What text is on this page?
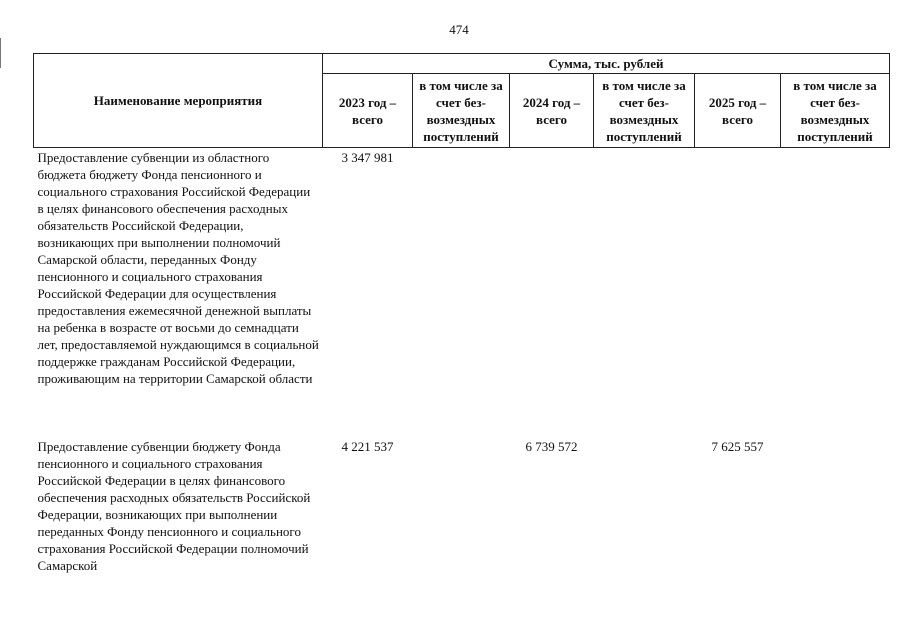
474
Наименование мероприятия	Сумма, тыс. рублей					
	2023 год – всего	в том числе за счет без-возмездных поступлений	2024 год – всего	в том числе за счет без-возмездных поступлений	2025 год – всего	в том числе за счет без-возмездных поступлений
Предоставление субвенции из областного бюджета бюджету Фонда пенсионного и социального страхования Российской Федерации в целях финансового обеспечения расходных обязательств Российской Федерации, возникающих при выполнении полномочий Самарской области, переданных Фонду пенсионного и социального страхования Российской Федерации для осуществления предоставления ежемесячной денежной выплаты на ребенка в возрасте от восьми до семнадцати лет, предоставляемой нуждающимся в социальной поддержке гражданам Российской Федерации, проживающим на территории Самарской области	3 347 981					
Предоставление субвенции бюджету Фонда пенсионного и социального страхования Российской Федерации в целях финансового обеспечения расходных обязательств Российской Федерации, возникающих при выполнении переданных Фонду пенсионного и социального страхования Российской Федерации полномочий Самарской	4 221 537		6 739 572		7 625 557	
